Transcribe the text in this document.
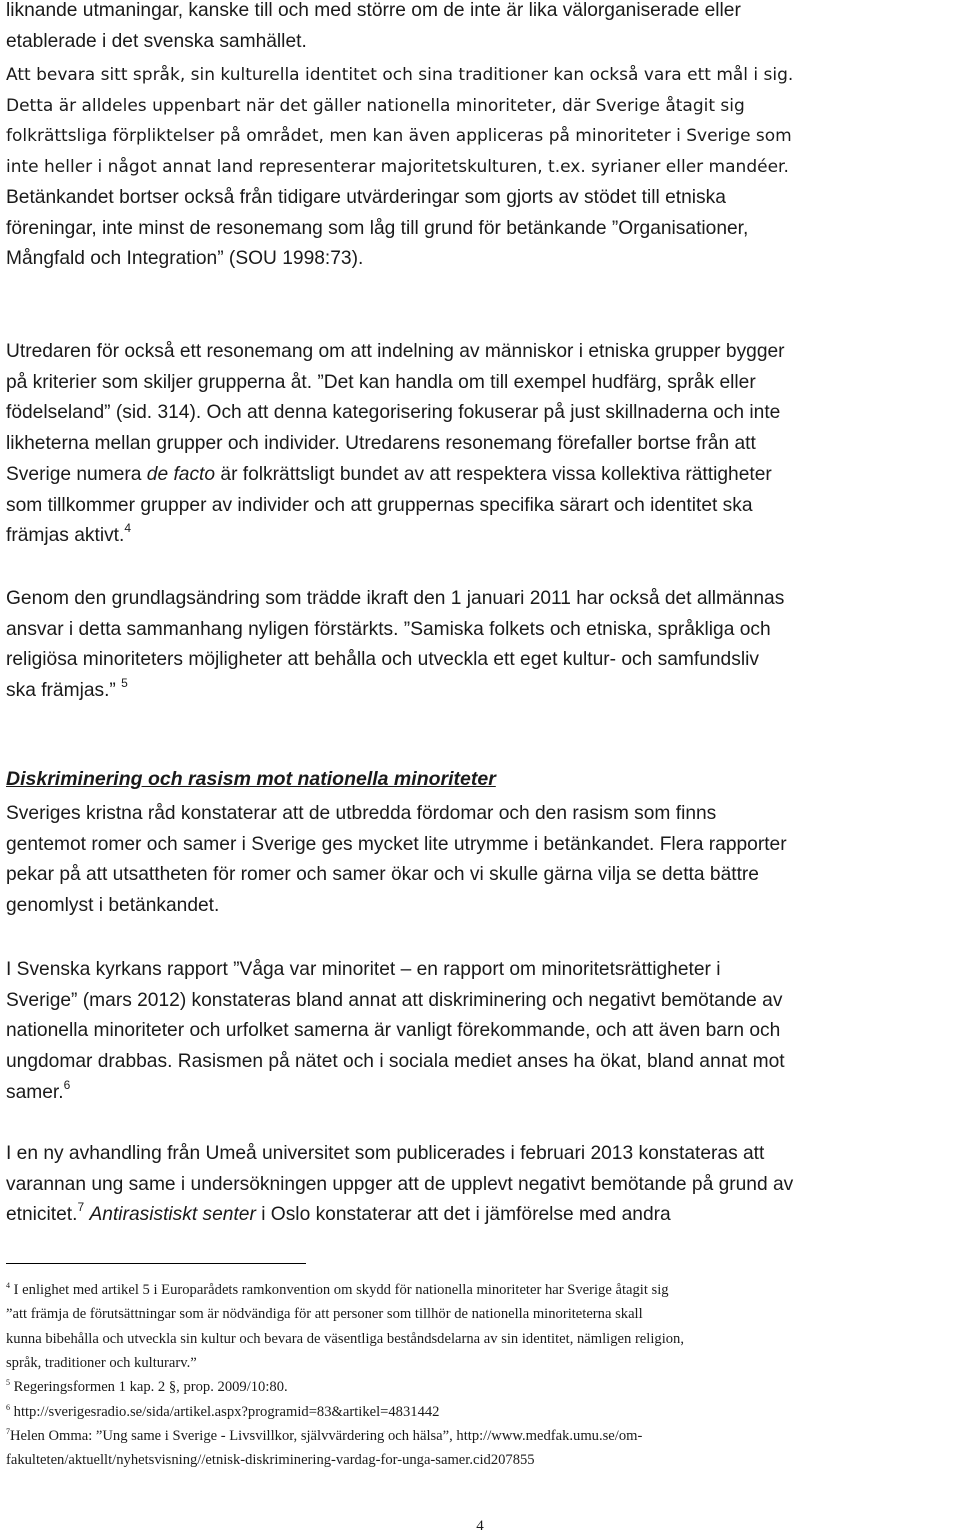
liknande utmaningar, kanske till och med större om de inte är lika välorganiserade eller

etablerade i det svenska samhället.

Att bevara sitt språk, sin kulturella identitet och sina traditioner kan också vara ett mål i sig.

Detta är alldeles uppenbart när det gäller nationella minoriteter, där Sverige åtagit sig

folkrättsliga förpliktelser på området, men kan även appliceras på minoriteter i Sverige som

inte heller i något annat land representerar majoritetskulturen, t.ex. syrianer eller mandéer.

Betänkandet bortser också från tidigare utvärderingar som gjorts av stödet till etniska

föreningar, inte minst de resonemang som låg till grund för betänkande ”Organisationer,

Mångfald och Integration” (SOU 1998:73).

Utredaren för också ett resonemang om att indelning av människor i etniska grupper bygger

på kriterier som skiljer grupperna åt. ”Det kan handla om till exempel hudfärg, språk eller

födelseland” (sid. 314). Och att denna kategorisering fokuserar på just skillnaderna och inte

likheterna mellan grupper och individer. Utredarens resonemang förefaller bortse från att

Sverige numera de facto är folkrättsligt bundet av att respektera vissa kollektiva rättigheter

som tillkommer grupper av individer och att gruppernas specifika särart och identitet ska

främjas aktivt.$^4$

Genom den grundlagsändring som trädde ikraft den 1 januari 2011 har också det allmännas

ansvar i detta sammanhang nyligen förstärkts. ”Samiska folkets och etniska, språkliga och

religiösa minoriteters möjligheter att behålla och utveckla ett eget kultur- och samfundsliv

ska främjas.” $^5$

Diskriminering och rasism mot nationella minoriteter

Sveriges kristna råd konstaterar att de utbredda fördomar och den rasism som finns

gentemot romer och samer i Sverige ges mycket lite utrymme i betänkandet. Flera rapporter

pekar på att utsattheten för romer och samer ökar och vi skulle gärna vilja se detta bättre

genomlyst i betänkandet.

I Svenska kyrkans rapport ”Våga var minoritet – en rapport om minoritetsrättigheter i

Sverige” (mars 2012) konstateras bland annat att diskriminering och negativt bemötande av

nationella minoriteter och urfolket samerna är vanligt förekommande, och att även barn och

ungdomar drabbas. Rasismen på nätet och i sociala mediet anses ha ökat, bland annat mot

samer.$^6$

I en ny avhandling från Umeå universitet som publicerades i februari 2013 konstateras att

varannan ung same i undersökningen uppger att de upplevt negativt bemötande på grund av

etnicitet.$^7$ Antirasistiskt senter i Oslo konstaterar att det i jämförelse med andra

$^4$ I enlighet med artikel 5 i Europarådets ramkonvention om skydd för nationella minoriteter har Sverige åtagit sig
”att främja de förutsättningar som är nödvändiga för att personer som tillhör de nationella minoriteterna skall
kunna bibehålla och utveckla sin kultur och bevara de väsentliga beståndsdelarna av sin identitet, nämligen religion,
språk, traditioner och kulturarv.”
$^5$ Regeringsformen 1 kap. 2 §, prop. 2009/10:80.
$^6$ http://sverigesradio.se/sida/artikel.aspx?programid=83&artikel=4831442
$^7$Helen Omma: ”Ung same i Sverige - Livsvillkor, självvärdering och hälsa”, http://www.medfak.umu.se/om-
fakulteten/aktuellt/nyhetsvisning//etnisk-diskriminering-vardag-for-unga-samer.cid207855
4
